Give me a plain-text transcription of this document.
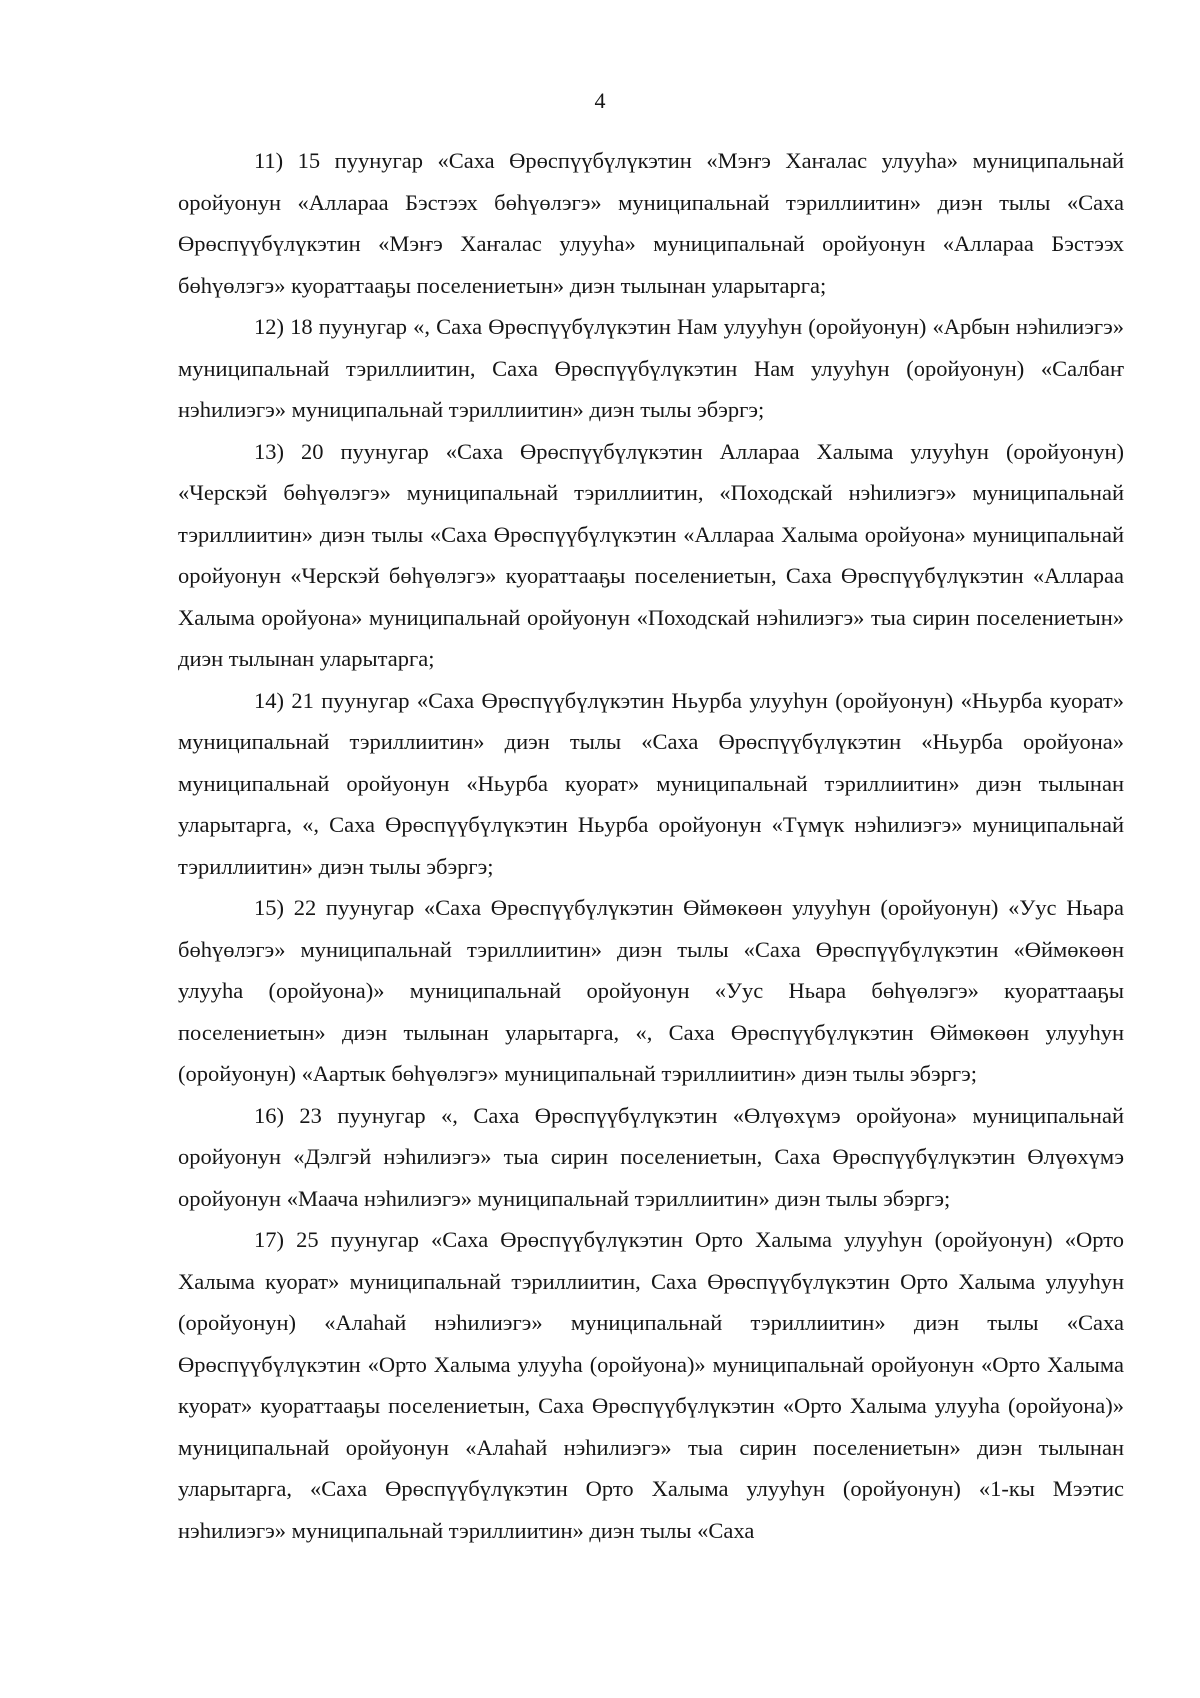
4

11) 15 пуунугар «Саха Өрөспүүбүлүкэтин «Мэҥэ Хаҥалас улууһа» муниципальнай оройуонун «Аллараа Бэстээх бөһүөлэгэ» муниципальнай тэриллиитин» диэн тылы «Саха Өрөспүүбүлүкэтин «Мэҥэ Хаҥалас улууһа» муниципальнай оройуонун «Аллараа Бэстээх бөһүөлэгэ» куораттааҕы поселениетын» диэн тылынан уларытарга;

12) 18 пуунугар «, Саха Өрөспүүбүлүкэтин Нам улууһун (оройуонун) «Арбын нэһилиэгэ» муниципальнай тэриллиитин, Саха Өрөспүүбүлүкэтин Нам улууһун (оройуонун) «Салбаҥ нэһилиэгэ» муниципальнай тэриллиитин» диэн тылы эбэргэ;

13) 20 пуунугар «Саха Өрөспүүбүлүкэтин Аллараа Халыма улууһун (оройуонун) «Черскэй бөһүөлэгэ» муниципальнай тэриллиитин, «Походскай нэһилиэгэ» муниципальнай тэриллиитин» диэн тылы «Саха Өрөспүүбүлүкэтин «Аллараа Халыма оройуона» муниципальнай оройуонун «Черскэй бөһүөлэгэ» куораттааҕы поселениетын, Саха Өрөспүүбүлүкэтин «Аллараа Халыма оройуона» муниципальнай оройуонун «Походскай нэһилиэгэ» тыа сирин поселениетын» диэн тылынан уларытарга;

14) 21 пуунугар «Саха Өрөспүүбүлүкэтин Ньурба улууһун (оройуонун) «Ньурба куорат» муниципальнай тэриллиитин» диэн тылы «Саха Өрөспүүбүлүкэтин «Ньурба оройуона» муниципальнай оройуонун «Ньурба куорат» муниципальнай тэриллиитин» диэн тылынан уларытарга, «, Саха Өрөспүүбүлүкэтин Ньурба оройуонун «Түмүк нэһилиэгэ» муниципальнай тэриллиитин» диэн тылы эбэргэ;

15) 22 пуунугар «Саха Өрөспүүбүлүкэтин Өймөкөөн улууһун (оройуонун) «Уус Ньара бөһүөлэгэ» муниципальнай тэриллиитин» диэн тылы «Саха Өрөспүүбүлүкэтин «Өймөкөөн улууһа (оройуона)» муниципальнай оройуонун «Уус Ньара бөһүөлэгэ» куораттааҕы поселениетын» диэн тылынан уларытарга, «, Саха Өрөспүүбүлүкэтин Өймөкөөн улууһун (оройуонун) «Аартык бөһүөлэгэ» муниципальнай тэриллиитин» диэн тылы эбэргэ;

16) 23 пуунугар «, Саха Өрөспүүбүлүкэтин «Өлүөхүмэ оройуона» муниципальнай оройуонун «Дэлгэй нэһилиэгэ» тыа сирин поселениетын, Саха Өрөспүүбүлүкэтин Өлүөхүмэ оройуонун «Маача нэһилиэгэ» муниципальнай тэриллиитин» диэн тылы эбэргэ;

17) 25 пуунугар «Саха Өрөспүүбүлүкэтин Орто Халыма улууһун (оройуонун) «Орто Халыма куорат» муниципальнай тэриллиитин, Саха Өрөспүүбүлүкэтин Орто Халыма улууһун (оройуонун) «Алаһай нэһилиэгэ» муниципальнай тэриллиитин» диэн тылы «Саха Өрөспүүбүлүкэтин «Орто Халыма улууһа (оройуона)» муниципальнай оройуонун «Орто Халыма куорат» куораттааҕы поселениетын, Саха Өрөспүүбүлүкэтин «Орто Халыма улууһа (оройуона)» муниципальнай оройуонун «Алаһай нэһилиэгэ» тыа сирин поселениетын» диэн тылынан уларытарга, «Саха Өрөспүүбүлүкэтин Орто Халыма улууһун (оройуонун) «1-кы Мээтис нэһилиэгэ» муниципальнай тэриллиитин» диэн тылы «Саха
